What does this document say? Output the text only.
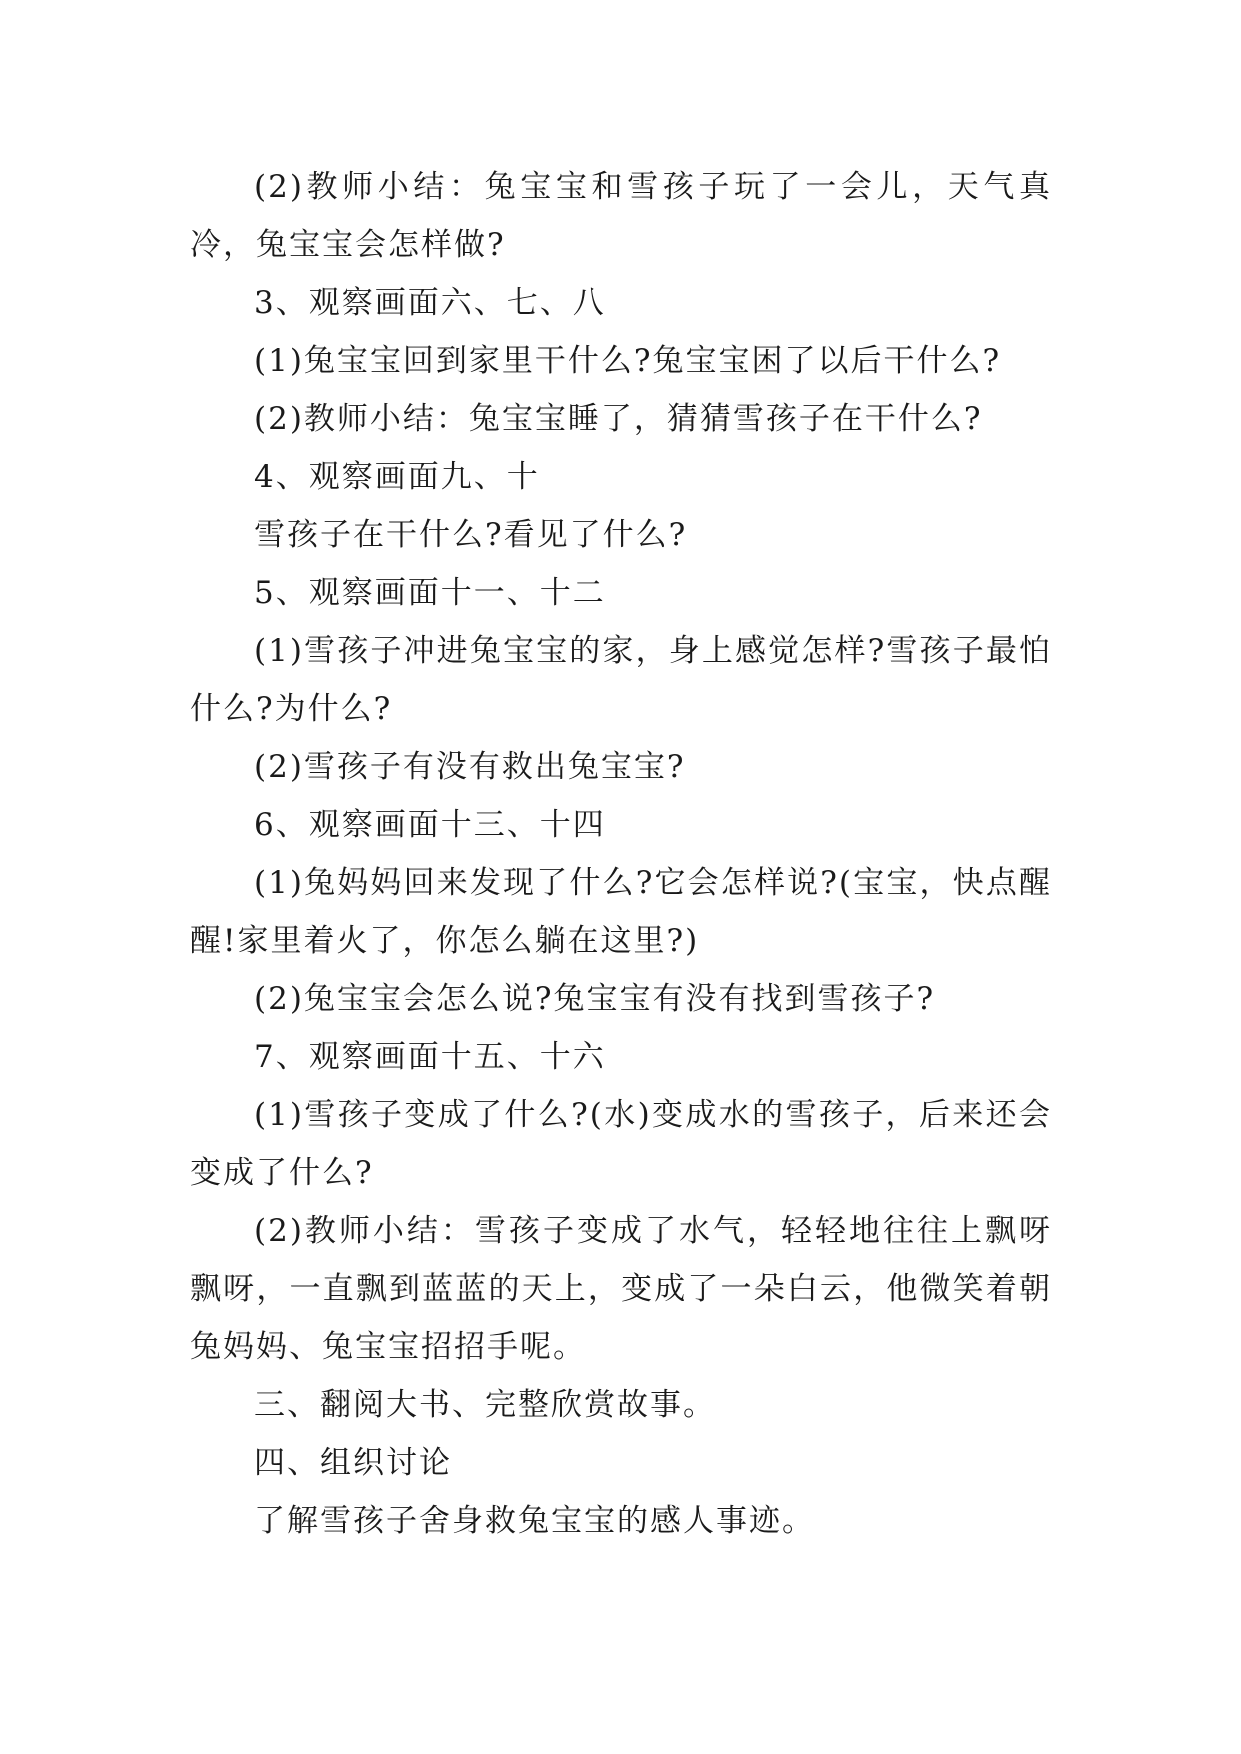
(2)教师小结：兔宝宝和雪孩子玩了一会儿，天气真冷，兔宝宝会怎样做?

3、观察画面六、七、八

(1)兔宝宝回到家里干什么?兔宝宝困了以后干什么?

(2)教师小结：兔宝宝睡了，猜猜雪孩子在干什么?

4、观察画面九、十

雪孩子在干什么?看见了什么?

5、观察画面十一、十二

(1)雪孩子冲进兔宝宝的家，身上感觉怎样?雪孩子最怕什么?为什么?

(2)雪孩子有没有救出兔宝宝?

6、观察画面十三、十四

(1)兔妈妈回来发现了什么?它会怎样说?(宝宝，快点醒醒!家里着火了，你怎么躺在这里?)

(2)兔宝宝会怎么说?兔宝宝有没有找到雪孩子?

7、观察画面十五、十六

(1)雪孩子变成了什么?(水)变成水的雪孩子，后来还会变成了什么?

(2)教师小结：雪孩子变成了水气，轻轻地往往上飘呀飘呀，一直飘到蓝蓝的天上，变成了一朵白云，他微笑着朝兔妈妈、兔宝宝招招手呢。

三、翻阅大书、完整欣赏故事。

四、组织讨论

了解雪孩子舍身救兔宝宝的感人事迹。
